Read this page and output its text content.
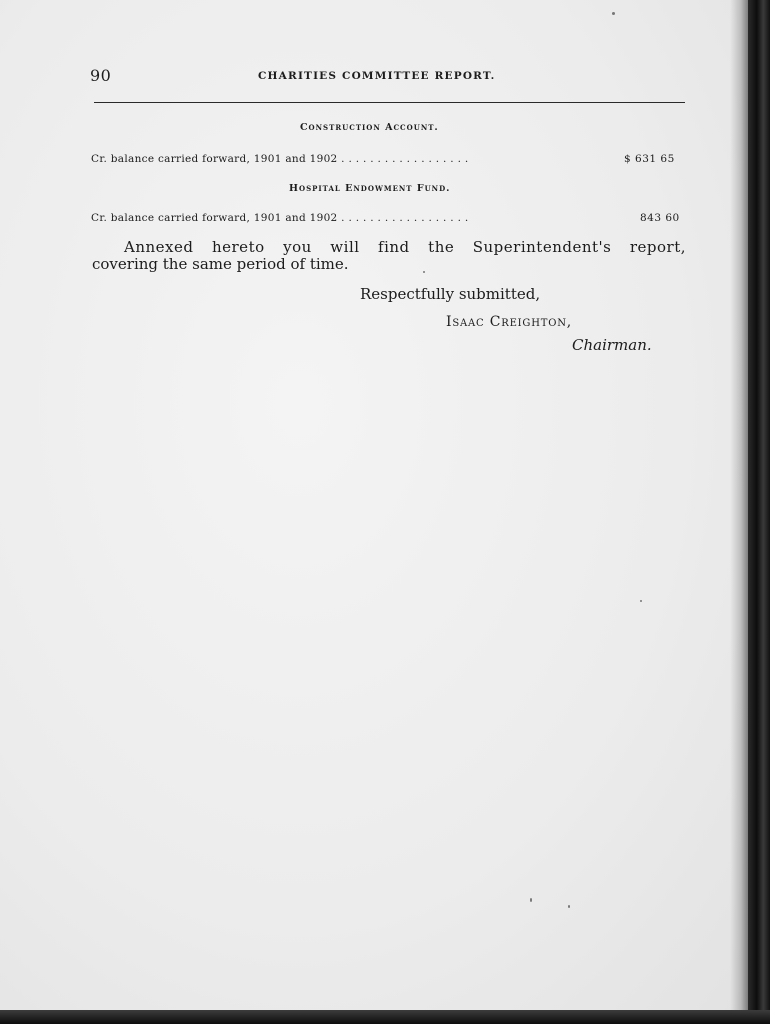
90	CHARITIES COMMITTEE REPORT.
Construction Account.
Cr. balance carried forward, 1901 and 1902 . . . . . . . . . . . . . . . . . .	$ 631 65
Hospital Endowment Fund.
Cr. balance carried forward, 1901 and 1902 . . . . . . . . . . . . . . . . . .	843 60
Annexed hereto you will find the Superintendent's report,
covering the same period of time.
Respectfully submitted,
Isaac Creighton,
Chairman.
